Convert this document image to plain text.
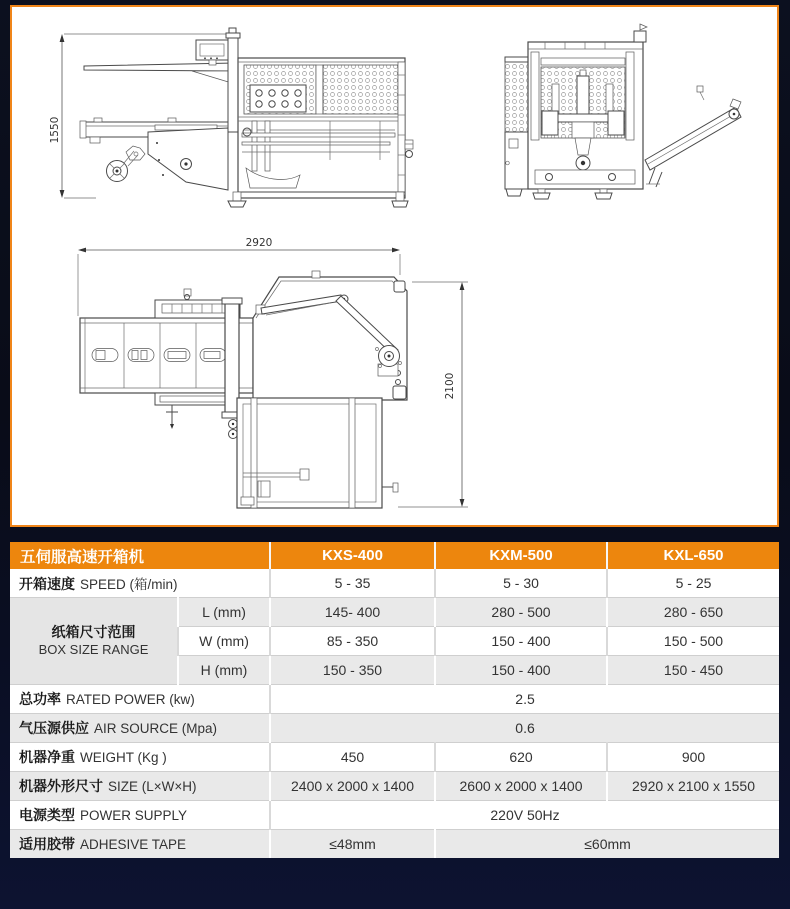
1550
2920
2100
五伺服高速开箱机		KXS-400	KXM-500	KXL-650
开箱速度 SPEED (箱/min)		5 - 35	5 - 30	5 - 25

纸箱尺寸范围
BOX SIZE RANGE	L (mm)	145- 400	280 - 500	280 - 650
	W (mm)	85 - 350	150 - 400	150 - 500
	H (mm)	150 - 350	150 - 400	150 - 450
总功率 RATED POWER (kw)		2.5		
气压源供应 AIR SOURCE (Mpa)		0.6		
机器净重 WEIGHT (Kg )		450	620	900
机器外形尺寸 SIZE (L×W×H)		2400 x 2000 x 1400	2600 x 2000 x 1400	2920 x 2100 x 1550
电源类型 POWER SUPPLY		220V 50Hz		
适用胶带 ADHESIVE TAPE		≤48mm	≤60mm	
